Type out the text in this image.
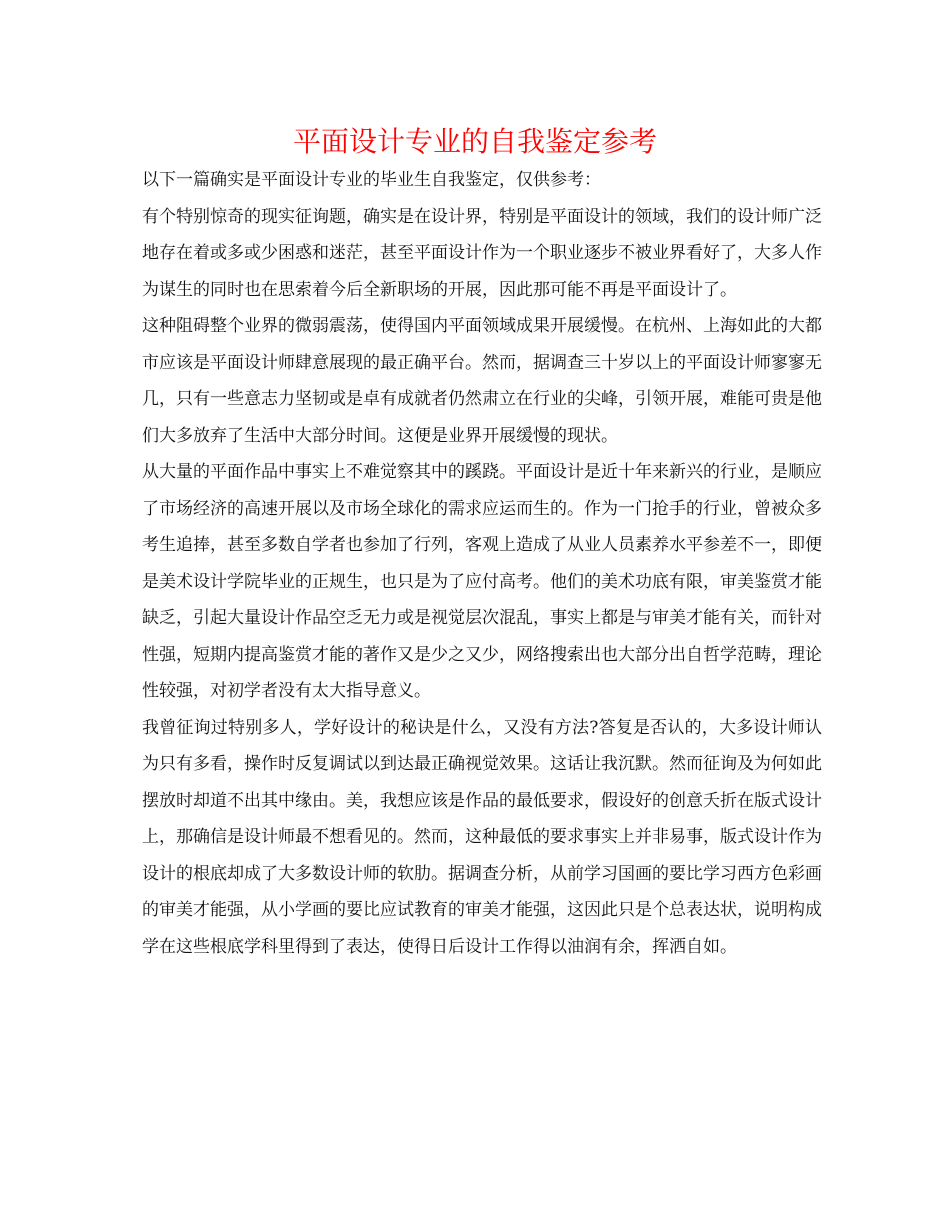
平面设计专业的自我鉴定参考

以下一篇确实是平面设计专业的毕业生自我鉴定，仅供参考：

有个特别惊奇的现实征询题，确实是在设计界，特别是平面设计的领域，我们的设计师广泛地存在着或多或少困惑和迷茫，甚至平面设计作为一个职业逐步不被业界看好了，大多人作为谋生的同时也在思索着今后全新职场的开展，因此那可能不再是平面设计了。

这种阻碍整个业界的微弱震荡，使得国内平面领域成果开展缓慢。在杭州、上海如此的大都市应该是平面设计师肆意展现的最正确平台。然而，据调查三十岁以上的平面设计师寥寥无几，只有一些意志力坚韧或是卓有成就者仍然肃立在行业的尖峰，引领开展，难能可贵是他们大多放弃了生活中大部分时间。这便是业界开展缓慢的现状。

从大量的平面作品中事实上不难觉察其中的蹊跷。平面设计是近十年来新兴的行业，是顺应了市场经济的高速开展以及市场全球化的需求应运而生的。作为一门抢手的行业，曾被众多考生追捧，甚至多数自学者也参加了行列，客观上造成了从业人员素养水平参差不一，即便是美术设计学院毕业的正规生，也只是为了应付高考。他们的美术功底有限，审美鉴赏才能缺乏，引起大量设计作品空乏无力或是视觉层次混乱，事实上都是与审美才能有关，而针对性强，短期内提高鉴赏才能的著作又是少之又少，网络搜索出也大部分出自哲学范畴，理论性较强，对初学者没有太大指导意义。

我曾征询过特别多人，学好设计的秘诀是什么，又没有方法?答复是否认的，大多设计师认为只有多看，操作时反复调试以到达最正确视觉效果。这话让我沉默。然而征询及为何如此摆放时却道不出其中缘由。美，我想应该是作品的最低要求，假设好的创意夭折在版式设计上，那确信是设计师最不想看见的。然而，这种最低的要求事实上并非易事，版式设计作为设计的根底却成了大多数设计师的软肋。据调查分析，从前学习国画的要比学习西方色彩画的审美才能强，从小学画的要比应试教育的审美才能强，这因此只是个总表达状，说明构成学在这些根底学科里得到了表达，使得日后设计工作得以油润有余，挥洒自如。
